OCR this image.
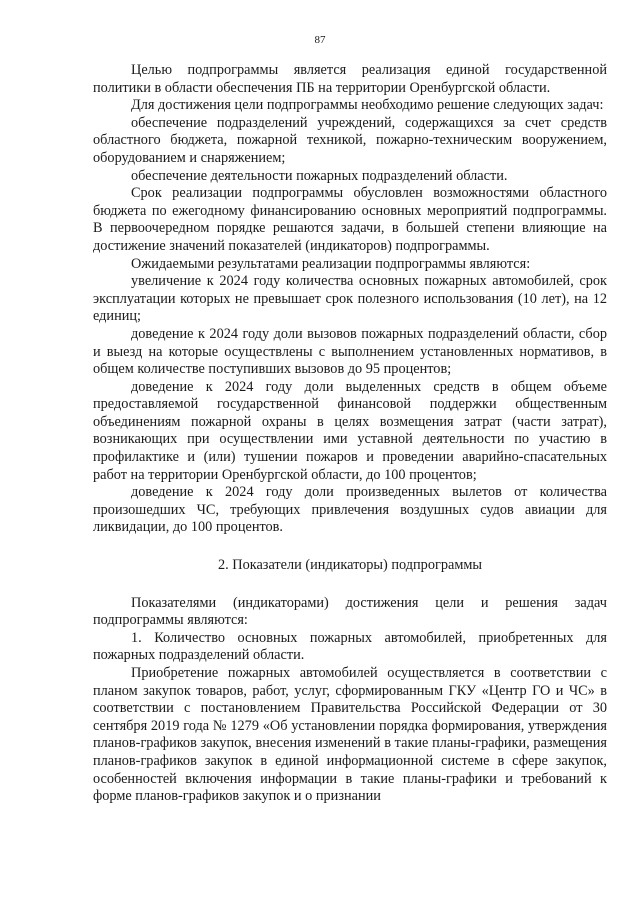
87

Целью подпрограммы является реализация единой государственной политики в области обеспечения ПБ на территории Оренбургской области.

Для достижения цели подпрограммы необходимо решение следующих задач:

обеспечение подразделений учреждений, содержащихся за счет средств областного бюджета, пожарной техникой, пожарно-техническим вооружением, оборудованием и снаряжением;

обеспечение деятельности пожарных подразделений области.

Срок реализации подпрограммы обусловлен возможностями областного бюджета по ежегодному финансированию основных мероприятий подпрограммы. В первоочередном порядке решаются задачи, в большей степени влияющие на достижение значений показателей (индикаторов) подпрограммы.

Ожидаемыми результатами реализации подпрограммы являются:

увеличение к 2024 году количества основных пожарных автомобилей, срок эксплуатации которых не превышает срок полезного использования (10 лет), на 12 единиц;

доведение к 2024 году доли вызовов пожарных подразделений области, сбор и выезд на которые осуществлены с выполнением установленных нормативов, в общем количестве поступивших вызовов до 95 процентов;

доведение к 2024 году доли выделенных средств в общем объеме предоставляемой государственной финансовой поддержки общественным объединениям пожарной охраны в целях возмещения затрат (части затрат), возникающих при осуществлении ими уставной деятельности по участию в профилактике и (или) тушении пожаров и проведении аварийно-спасательных работ на территории Оренбургской области, до 100 процентов;

доведение к 2024 году доли произведенных вылетов от количества произошедших ЧС, требующих привлечения воздушных судов авиации для ликвидации, до 100 процентов.

2. Показатели (индикаторы) подпрограммы

Показателями (индикаторами) достижения цели и решения задач подпрограммы являются:

1. Количество основных пожарных автомобилей, приобретенных для пожарных подразделений области.

Приобретение пожарных автомобилей осуществляется в соответствии с планом закупок товаров, работ, услуг, сформированным ГКУ «Центр ГО и ЧС» в соответствии с постановлением Правительства Российской Федерации от 30 сентября 2019 года № 1279 «Об установлении порядка формирования, утверждения планов-графиков закупок, внесения изменений в такие планы-графики, размещения планов-графиков закупок в единой информационной системе в сфере закупок, особенностей включения информации в такие планы-графики и требований к форме планов-графиков закупок и о признании
